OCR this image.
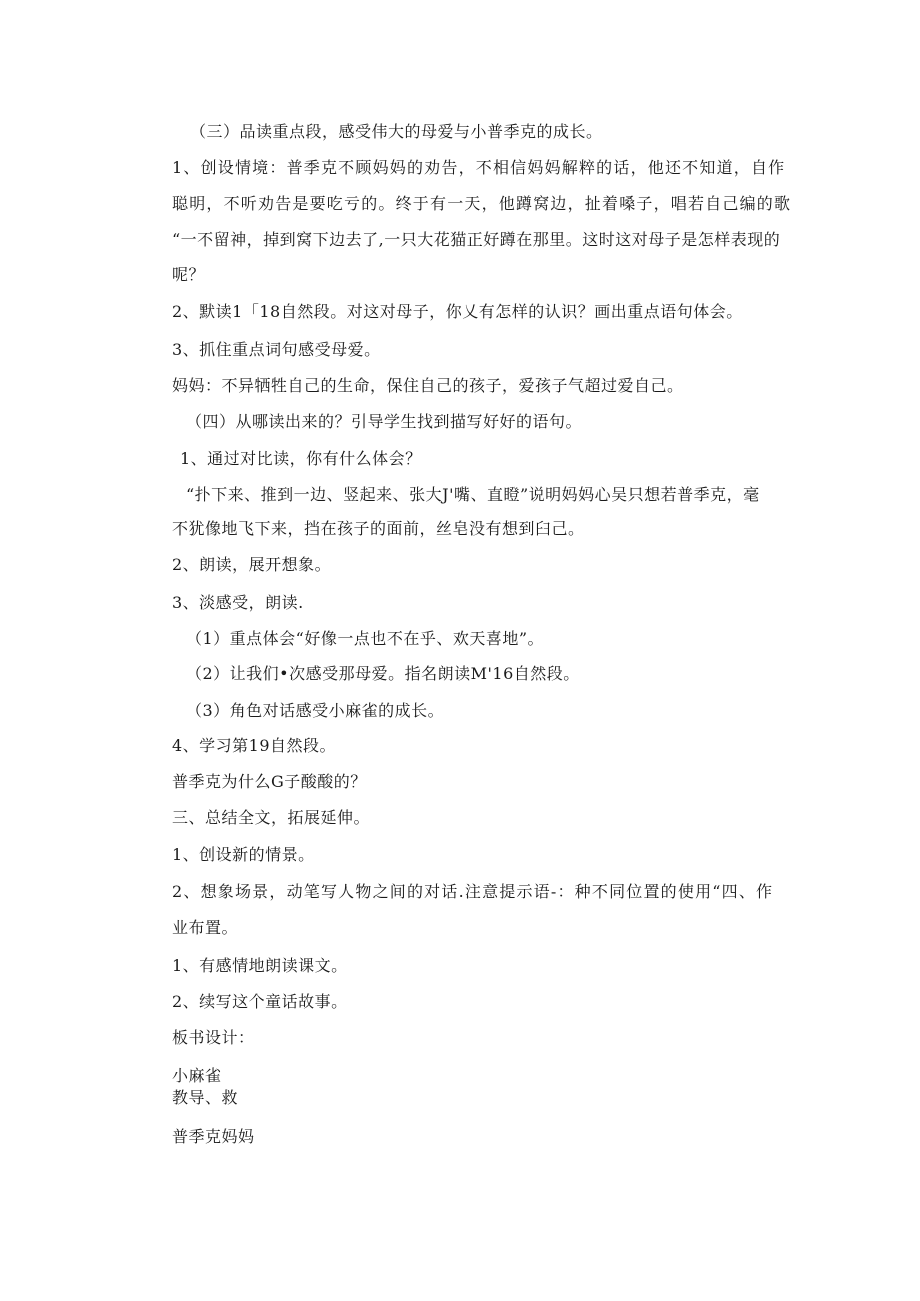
（三）品读重点段，感受伟大的母爱与小普季克的成长。
1、创设情境：普季克不顾妈妈的劝告，不相信妈妈解粹的话，他还不知道，自作
聪明，不听劝告是要吃亏的。终于有一天，他蹲窝边，扯着嗓子，唱若自己编的歌
“一不留神，掉到窝下边去了,一只大花猫正好蹲在那里。这时这对母子是怎样表现的
呢？
2、默读1「18自然段。对这对母子，你乂有怎样的认识？画出重点语句体会。
3、抓住重点词句感受母爱。
妈妈：不异牺牲自己的生命，保住自己的孩子，爱孩子气超过爱自己。
（四）从哪读出来的？引导学生找到描写好好的语句。
1、通过对比读，你有什么体会？
“扑下来、推到一边、竖起来、张大J'嘴、直瞪”说明妈妈心吴只想若普季克，毫
不犹像地飞下来，挡在孩子的面前，丝皂没有想到臼己。
2、朗读，展开想象。
3、淡感受，朗读.
（1）重点体会“好像一点也不在乎、欢天喜地”。
（2）让我们•次感受那母爱。指名朗读M'16自然段。
（3）角色对话感受小麻雀的成长。
4、学习第19自然段。
普季克为什么G子酸酸的？
三、总结全文，拓展延伸。
1、创设新的情景。
2、想象场景，动笔写人物之间的对话.注意提示语-：种不同位置的使用“四、作
业布置。
1、有感情地朗读课文。
2、续写这个童话故事。
板书设计：
小麻雀
教导、救
普季克妈妈
